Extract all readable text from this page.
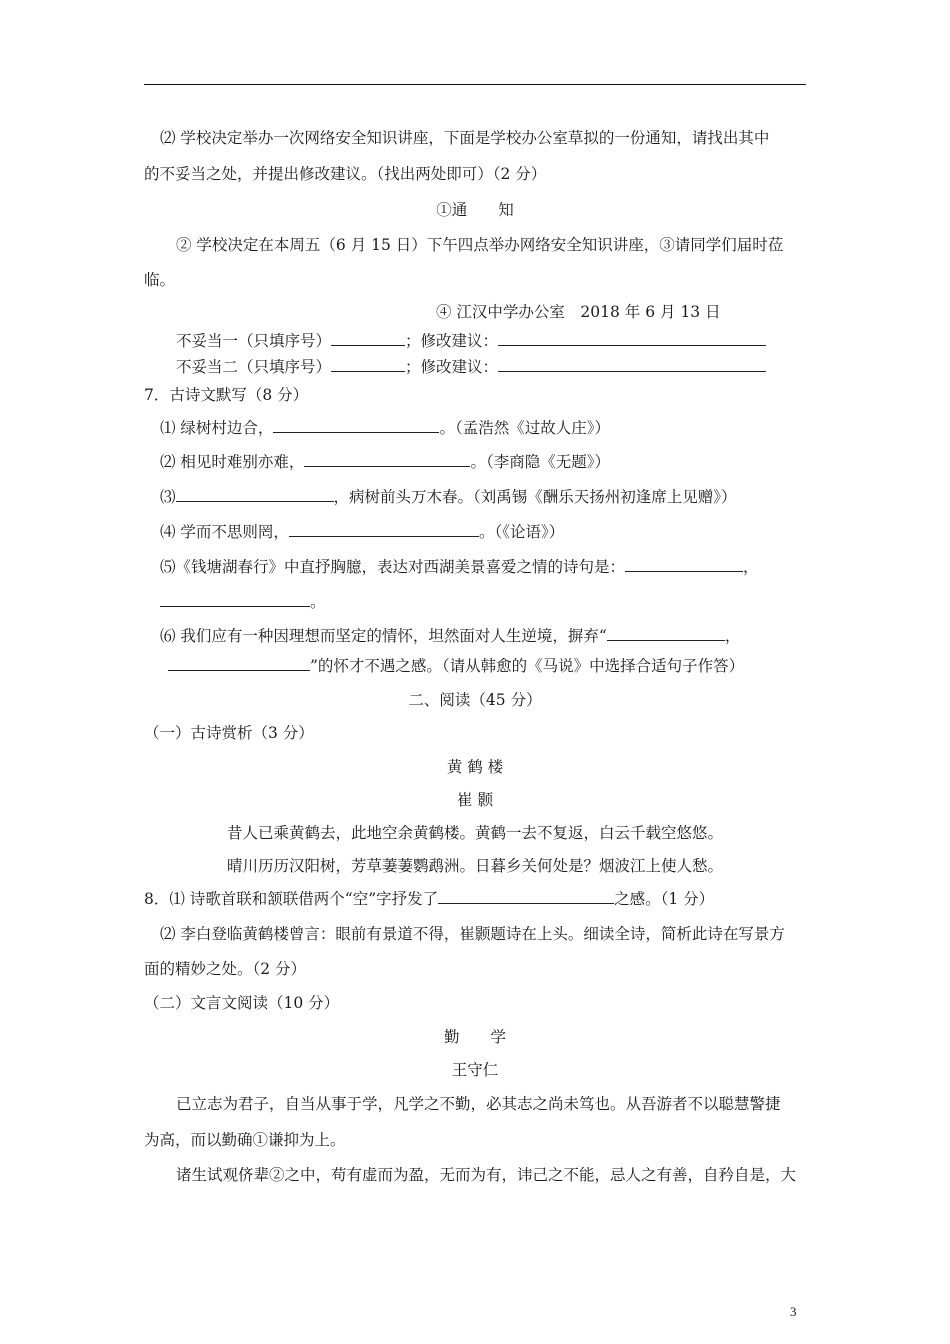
⑵ 学校决定举办一次网络安全知识讲座，下面是学校办公室草拟的一份通知，请找出其中
的不妥当之处，并提出修改建议。（找出两处即可）（2 分）
①通　　知
② 学校决定在本周五（6 月 15 日）下午四点举办网络安全知识讲座，③请同学们届时莅
临。
④ 江汉中学办公室　2018 年 6 月 13 日
不妥当一（只填序号）	；修改建议：
不妥当二（只填序号）	；修改建议：
7．古诗文默写（8 分）
⑴ 绿树村边合，	。（孟浩然《过故人庄》）
⑵ 相见时难别亦难，	。（李商隐《无题》）
⑶	，病树前头万木春。（刘禹锡《酬乐天扬州初逢席上见赠》）
⑷ 学而不思则罔，	。（《论语》）
⑸《钱塘湖春行》中直抒胸臆，表达对西湖美景喜爱之情的诗句是：	，
。
⑹ 我们应有一种因理想而坚定的情怀，坦然面对人生逆境，摒弃“	，
”的怀才不遇之感。（请从韩愈的《马说》中选择合适句子作答）
二、阅读（45 分）
（一）古诗赏析（3 分）
黄 鹤 楼
崔 颢
昔人已乘黄鹤去，此地空余黄鹤楼。黄鹤一去不复返，白云千载空悠悠。
晴川历历汉阳树，芳草萋萋鹦鹉洲。日暮乡关何处是？烟波江上使人愁。
8．⑴ 诗歌首联和颔联借两个“空”字抒发了	之感。（1 分）
⑵ 李白登临黄鹤楼曾言：眼前有景道不得，崔颢题诗在上头。细读全诗，简析此诗在写景方
面的精妙之处。（2 分）
（二）文言文阅读（10 分）
勤　　学
王守仁
已立志为君子，自当从事于学，凡学之不勤，必其志之尚未笃也。从吾游者不以聪慧警捷
为高，而以勤确①谦抑为上。
诸生试观侪辈②之中，苟有虚而为盈，无而为有，讳己之不能，忌人之有善，自矜自是，大
3
